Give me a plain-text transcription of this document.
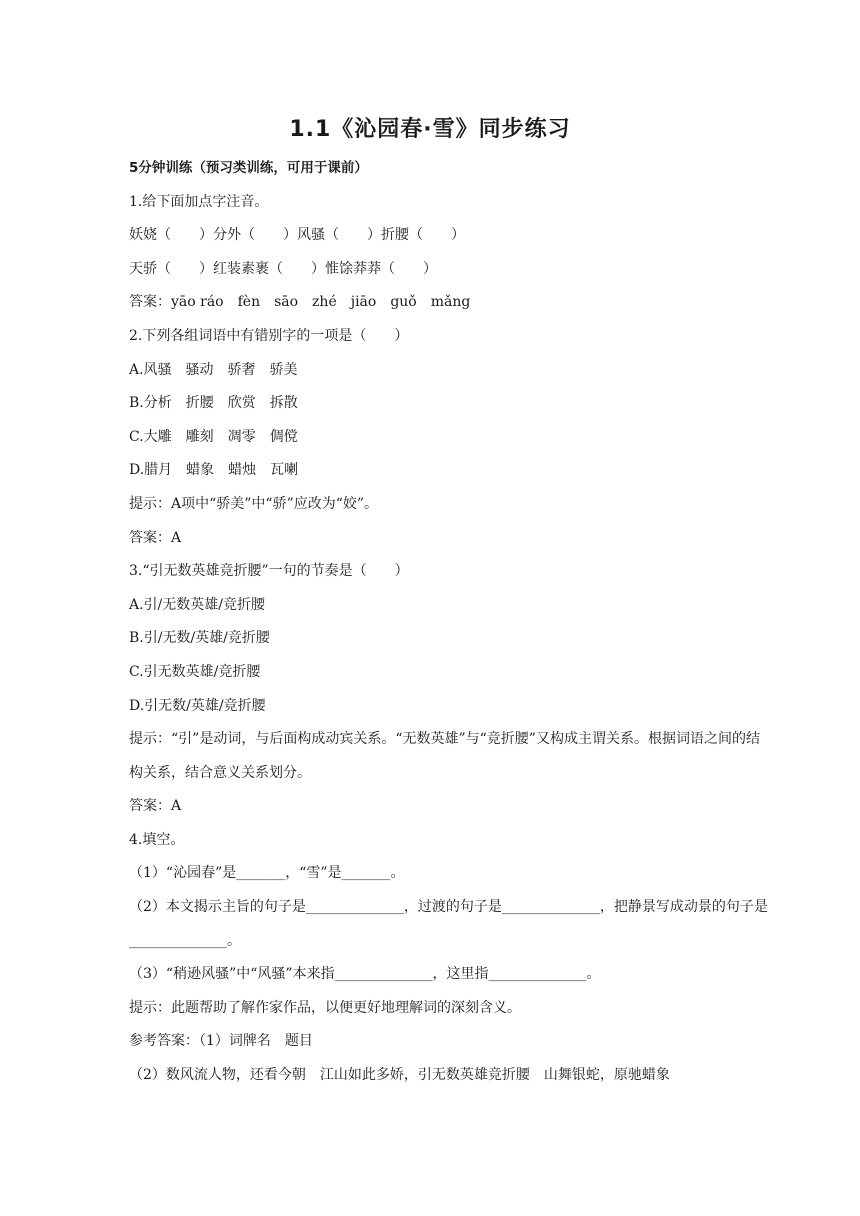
1.1《沁园春·雪》同步练习
5分钟训练（预习类训练，可用于课前）
1.给下面加点字注音。
妖娆（　　）分外（　　）风骚（　　）折腰（　　）
天骄（　　）红装素裹（　　）惟馀莽莽（　　）
答案：yāo ráo　fèn　sāo　zhé　jiāo　guǒ　mǎng
2.下列各组词语中有错别字的一项是（　　）
A.风骚　骚动　骄奢　骄美
B.分析　折腰　欣赏　拆散
C.大雕　雕刻　凋零　倜傥
D.腊月　蜡象　蜡烛　瓦喇
提示：A项中“骄美”中“骄”应改为“姣”。
答案：A
3.“引无数英雄竞折腰”一句的节奏是（　　）
A.引/无数英雄/竞折腰
B.引/无数/英雄/竞折腰
C.引无数英雄/竞折腰
D.引无数/英雄/竞折腰
提示：“引”是动词，与后面构成动宾关系。“无数英雄”与“竞折腰”又构成主谓关系。根据词语之间的结构关系，结合意义关系划分。
答案：A
4.填空。
（1）“沁园春”是_______，“雪”是_______。
（2）本文揭示主旨的句子是______________，过渡的句子是______________，把静景写成动景的句子是______________。
（3）“稍逊风骚”中“风骚”本来指______________，这里指______________。
提示：此题帮助了解作家作品，以便更好地理解词的深刻含义。
参考答案：（1）词牌名　题目
（2）数风流人物，还看今朝　江山如此多娇，引无数英雄竞折腰　山舞银蛇，原驰蜡象
